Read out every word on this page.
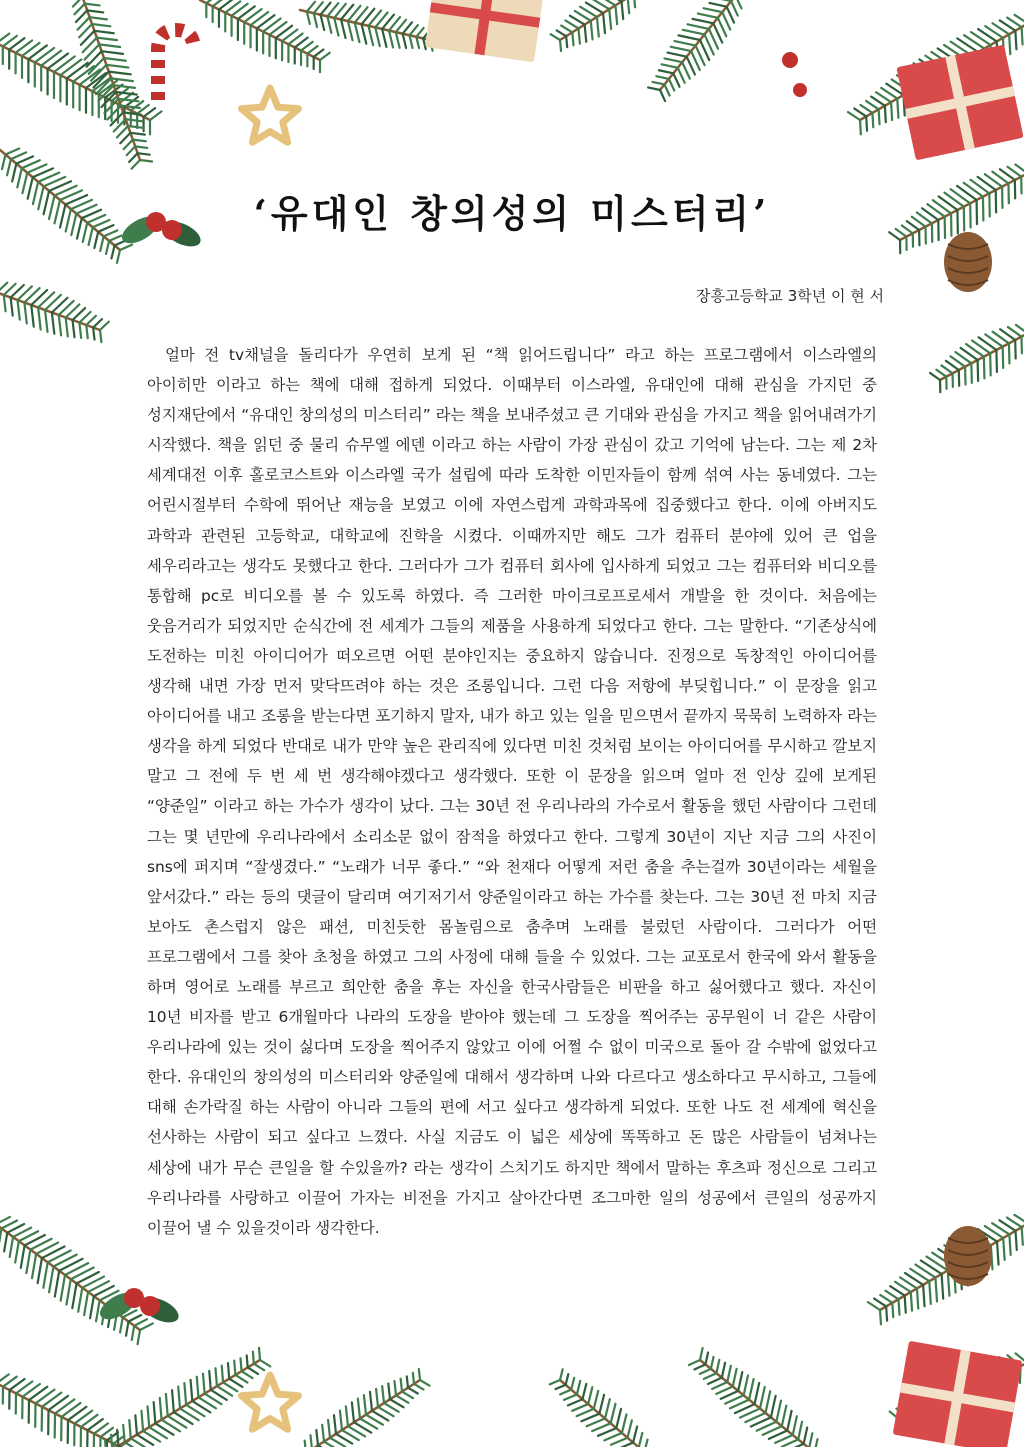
‘유대인 창의성의 미스터리’
장흥고등학교 3학년 이 현 서

얼마 전 tv채널을 돌리다가 우연히 보게 된 “책 읽어드립니다” 라고 하는 프로그램에서 이스라엘의 아이히만 이라고 하는 책에 대해 접하게 되었다. 이때부터 이스라엘, 유대인에 대해 관심을 가지던 중 성지재단에서 “유대인 창의성의 미스터리” 라는 책을 보내주셨고 큰 기대와 관심을 가지고 책을 읽어내려가기 시작했다. 책을 읽던 중 물리 슈무엘 에덴 이라고 하는 사람이 가장 관심이 갔고 기억에 남는다. 그는 제 2차 세계대전 이후 홀로코스트와 이스라엘 국가 설립에 따라 도착한 이민자들이 함께 섞여 사는 동네였다. 그는 어린시절부터 수학에 뛰어난 재능을 보였고 이에 자연스럽게 과학과목에 집중했다고 한다. 이에 아버지도 과학과 관련된 고등학교, 대학교에 진학을 시켰다. 이때까지만 해도 그가 컴퓨터 분야에 있어 큰 업을 세우리라고는 생각도 못했다고 한다. 그러다가 그가 컴퓨터 회사에 입사하게 되었고 그는 컴퓨터와 비디오를 통합해 pc로 비디오를 볼 수 있도록 하였다. 즉 그러한 마이크로프로세서 개발을 한 것이다. 처음에는 웃음거리가 되었지만 순식간에 전 세계가 그들의 제품을 사용하게 되었다고 한다. 그는 말한다. “기존상식에 도전하는 미친 아이디어가 떠오르면 어떤 분야인지는 중요하지 않습니다. 진정으로 독창적인 아이디어를 생각해 내면 가장 먼저 맞닥뜨려야 하는 것은 조롱입니다. 그런 다음 저항에 부딪힙니다.” 이 문장을 읽고 아이디어를 내고 조롱을 받는다면 포기하지 말자, 내가 하고 있는 일을 믿으면서 끝까지 묵묵히 노력하자 라는 생각을 하게 되었다 반대로 내가 만약 높은 관리직에 있다면 미친 것처럼 보이는 아이디어를 무시하고 깔보지 말고 그 전에 두 번 세 번 생각해야겠다고 생각했다. 또한 이 문장을 읽으며 얼마 전 인상 깊에 보게된 “양준일” 이라고 하는 가수가 생각이 났다. 그는 30년 전 우리나라의 가수로서 활동을 했던 사람이다 그런데 그는 몇 년만에 우리나라에서 소리소문 없이 잠적을 하였다고 한다. 그렇게 30년이 지난 지금 그의 사진이 sns에 퍼지며 “잘생겼다.” “노래가 너무 좋다.” “와 천재다 어떻게 저런 춤을 추는걸까 30년이라는 세월을 앞서갔다.” 라는 등의 댓글이 달리며 여기저기서 양준일이라고 하는 가수를 찾는다. 그는 30년 전 마치 지금 보아도 촌스럽지 않은 패션, 미친듯한 몸놀림으로 춤추며 노래를 불렀던 사람이다. 그러다가 어떤 프로그램에서 그를 찾아 초청을 하였고 그의 사정에 대해 들을 수 있었다. 그는 교포로서 한국에 와서 활동을 하며 영어로 노래를 부르고 희안한 춤을 후는 자신을 한국사람들은 비판을 하고 싫어했다고 했다. 자신이 10년 비자를 받고 6개월마다 나라의 도장을 받아야 했는데 그 도장을 찍어주는 공무원이 너 같은 사람이 우리나라에 있는 것이 싫다며 도장을 찍어주지 않았고 이에 어쩔 수 없이 미국으로 돌아 갈 수밖에 없었다고 한다. 유대인의 창의성의 미스터리와 양준일에 대해서 생각하며 나와 다르다고 생소하다고 무시하고, 그들에 대해 손가락질 하는 사람이 아니라 그들의 편에 서고 싶다고 생각하게 되었다. 또한 나도 전 세계에 혁신을 선사하는 사람이 되고 싶다고 느꼈다. 사실 지금도 이 넓은 세상에 똑똑하고 돈 많은 사람들이 넘쳐나는 세상에 내가 무슨 큰일을 할 수있을까? 라는 생각이 스치기도 하지만 책에서 말하는 후츠파 정신으로 그리고 우리나라를 사랑하고 이끌어 가자는 비전을 가지고 살아간다면 조그마한 일의 성공에서 큰일의 성공까지 이끌어 낼 수 있을것이라 생각한다.
